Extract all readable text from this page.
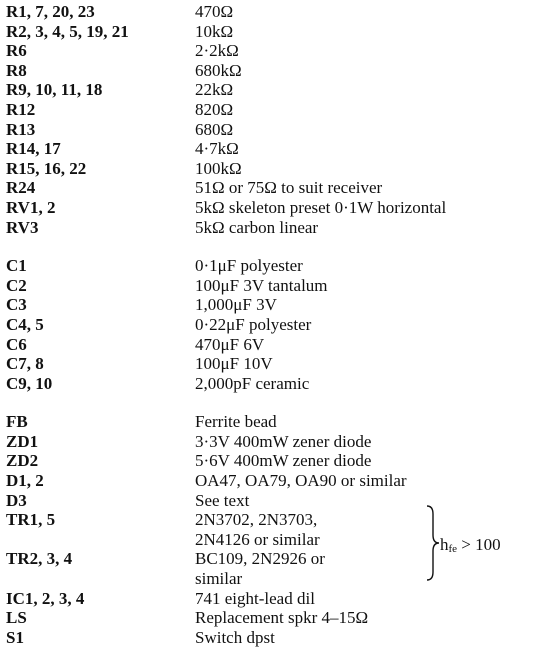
R1, 7, 20, 23	470Ω
R2, 3, 4, 5, 19, 21	10kΩ
R6	2·2kΩ
R8	680kΩ
R9, 10, 11, 18	22kΩ
R12	820Ω
R13	680Ω
R14, 17	4·7kΩ
R15, 16, 22	100kΩ
R24	51Ω or 75Ω to suit receiver
RV1, 2	5kΩ skeleton preset 0·1W horizontal
RV3	5kΩ carbon linear
C1	0·1μF polyester
C2	100μF 3V tantalum
C3	1,000μF 3V
C4, 5	0·22μF polyester
C6	470μF 6V
C7, 8	100μF 10V
C9, 10	2,000pF ceramic
FB	Ferrite bead
ZD1	3·3V 400mW zener diode
ZD2	5·6V 400mW zener diode
D1, 2	OA47, OA79, OA90 or similar
D3	See text
TR1, 5	2N3702, 2N3703,
2N4126 or similar
TR2, 3, 4	BC109, 2N2926 or
similar
IC1, 2, 3, 4	741 eight-lead dil
LS	Replacement spkr 4–15Ω
S1	Switch dpst
$h_{fe} > 100$
